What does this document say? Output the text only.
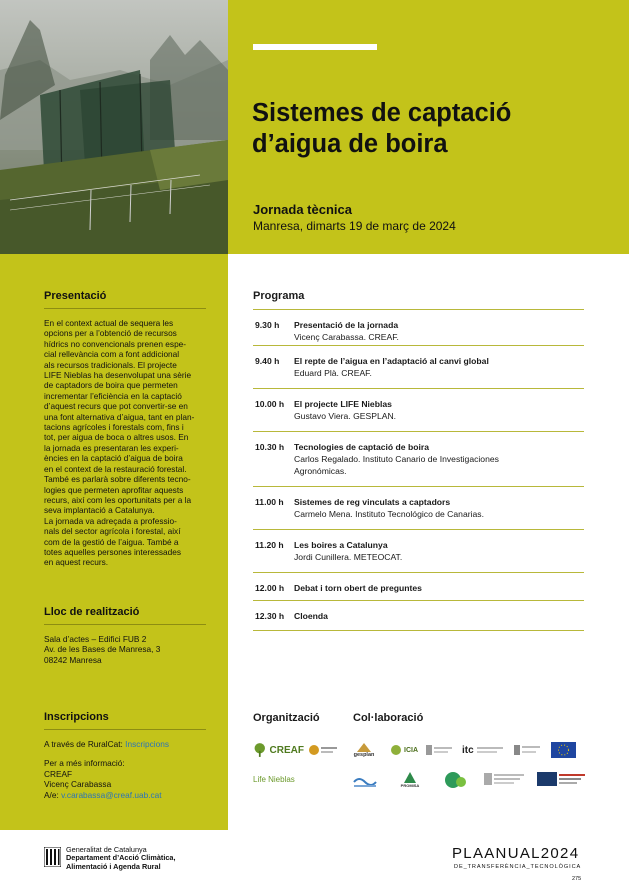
Sistemes de captació
d’aigua de boira
Jornada tècnica
Manresa, dimarts 19 de març de 2024
Presentació
En el context actual de sequera les
opcions per a l’obtenció de recursos
hídrics no convencionals prenen espe-
cial rellevància com a font addicional
als recursos tradicionals. El projecte
LIFE Nieblas ha desenvolupat una sèrie
de captadors de boira que permeten
incrementar l’eficiència en la captació
d’aquest recurs que pot convertir-se en
una font alternativa d’aigua, tant en plan-
tacions agrícoles i forestals com, fins i
tot, per aigua de boca o altres usos. En
la jornada es presentaran les experi-
ències en la captació d’aigua de boira
en el context de la restauració forestal.
També es parlarà sobre diferents tecno-
logies que permeten aprofitar aquests
recurs, així com les oportunitats per a la
seva implantació a Catalunya.
La jornada va adreçada a professio-
nals del sector agrícola i forestal, així
com de la gestió de l’aigua. També a
totes aquelles persones interessades
en aquest recurs.
Lloc de realització
Sala d’actes – Edifici FUB 2
Av. de les Bases de Manresa, 3
08242 Manresa
Inscripcions
A través de RuralCat: Inscripcions
Per a més informació:
CREAF
Vicenç Carabassa
A/e: v.carabassa@creaf.uab.cat
Programa
9.30 h	Presentació de la jornada
Vicenç Carabassa. CREAF.
9.40 h	El repte de l’aigua en l’adaptació al canvi global
Eduard Plà. CREAF.
10.00 h	El projecte LIFE Nieblas
Gustavo Viera. GESPLAN.
10.30 h	Tecnologies de captació de boira
Carlos Regalado. Instituto Canario de Investigaciones
Agronómicas.
11.00 h	Sistemes de reg vinculats a captadors
Carmelo Mena. Instituto Tecnológico de Canarias.
11.20 h	Les boires a Catalunya
Jordi Cunillera. METEOCAT.
12.00 h	Debat i torn obert de preguntes
12.30 h	Cloenda
Organització	Col·laboració
CREAF
Life Nieblas
gesplan
ICIA	itc
PROMISA
Generalitat de Catalunya
Departament d’Acció Climàtica,
Alimentació i Agenda Rural
PLAANUAL2024
DE_TRANSFERÈNCIA_TECNOLÒGICA
275
